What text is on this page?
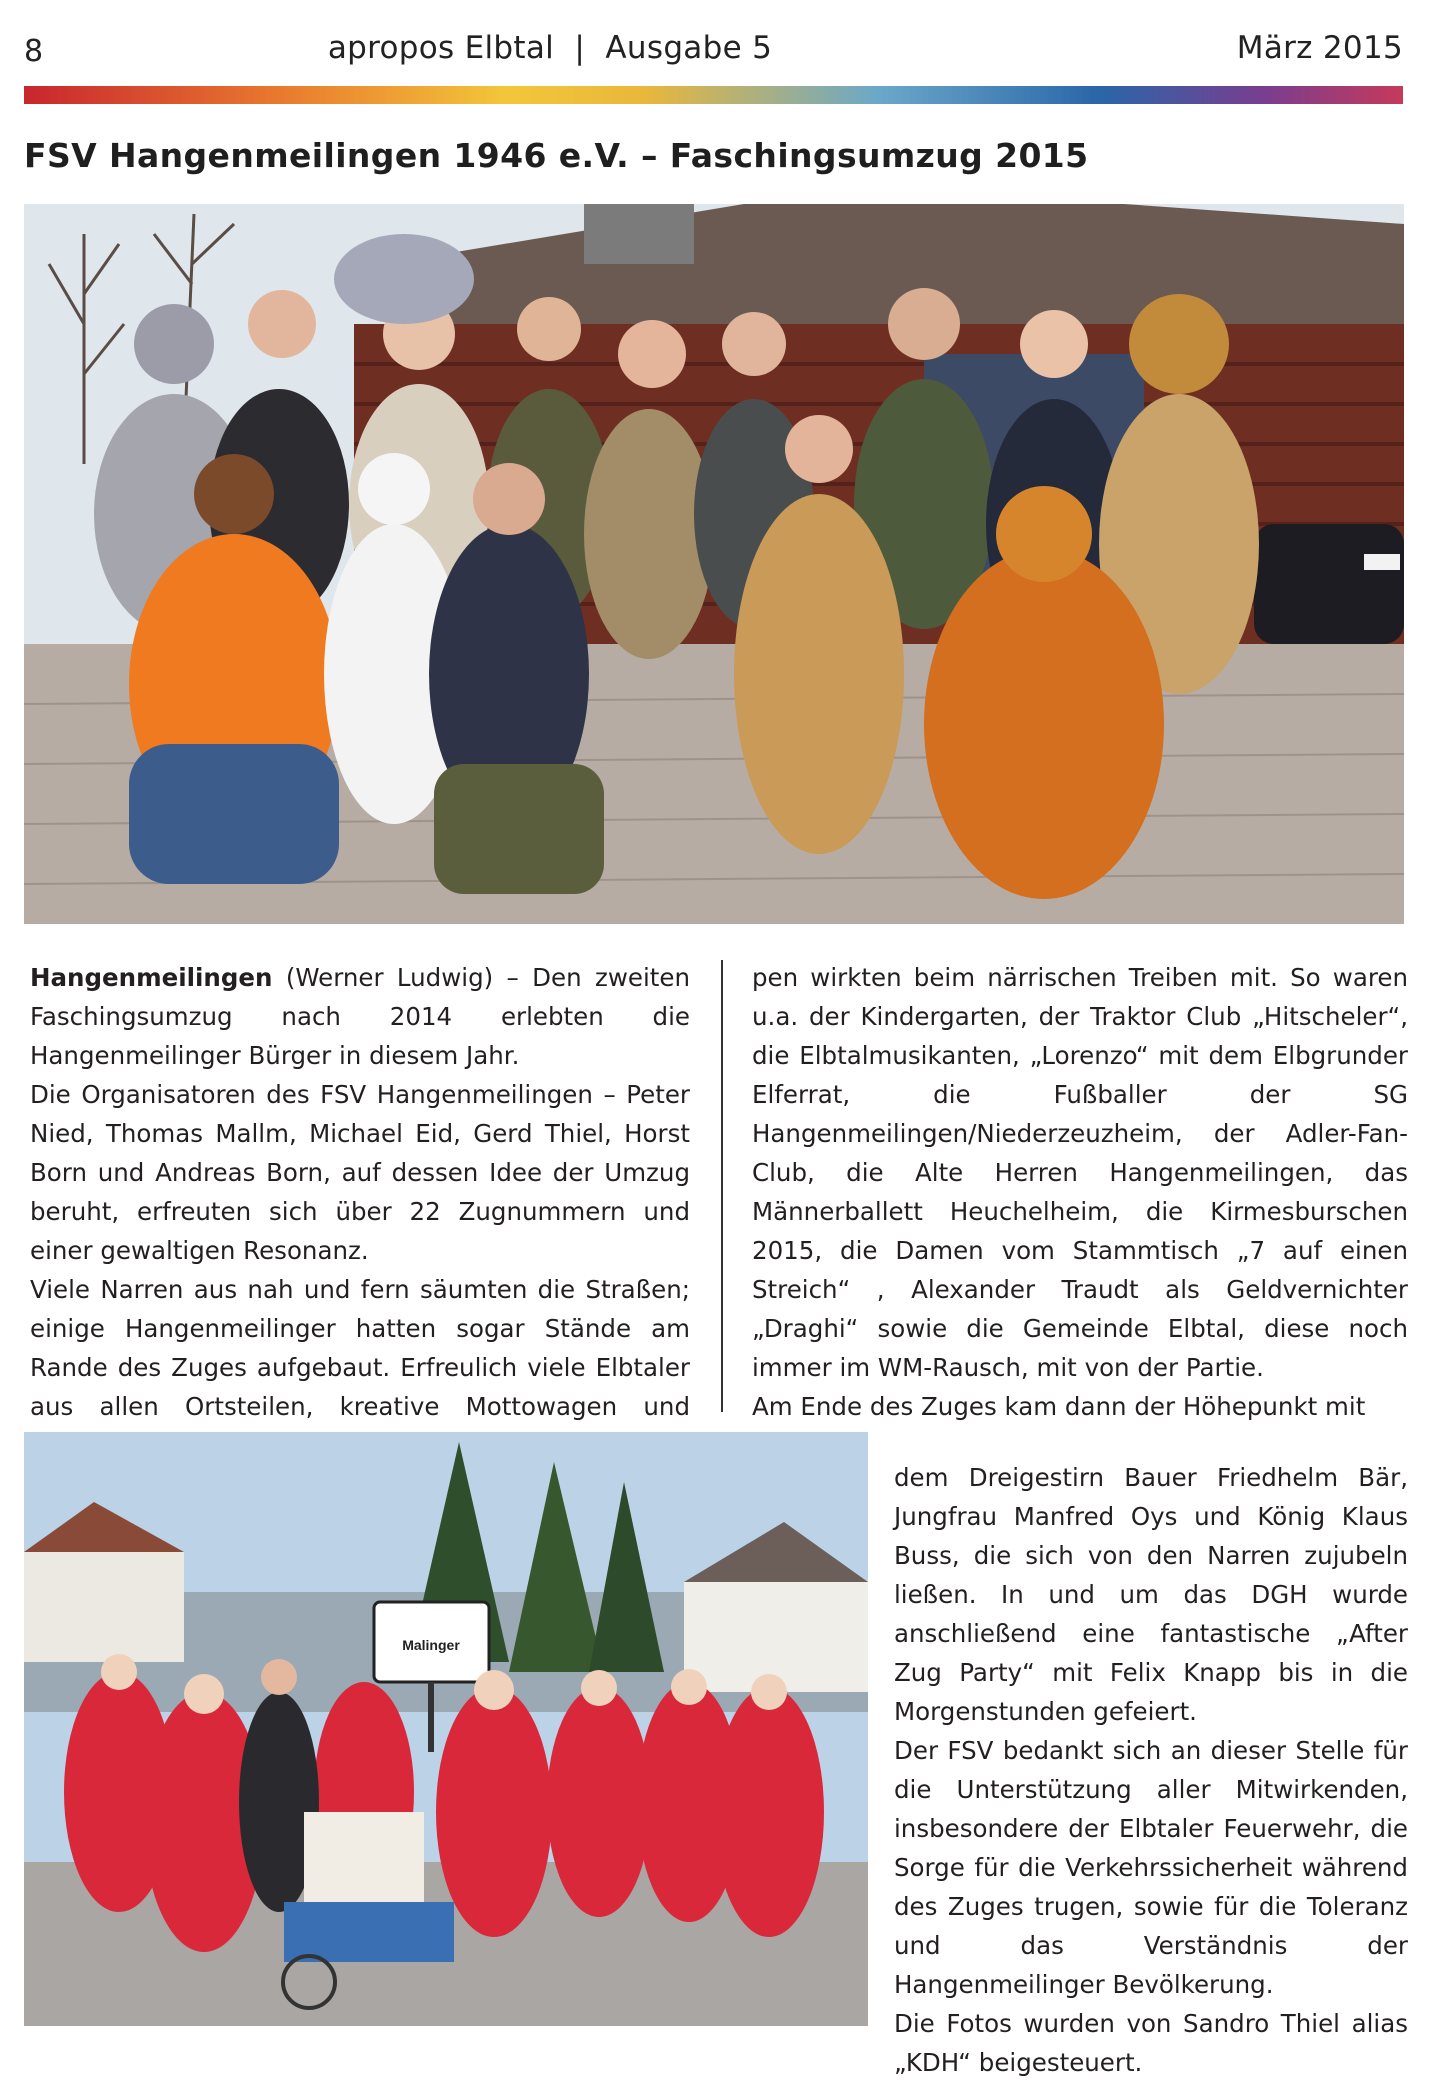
8	apropos Elbtal  |  Ausgabe 5	März 2015
FSV Hangenmeilingen 1946 e.V. – Faschingsumzug 2015

Hangenmeilingen (Werner Ludwig) – Den zweiten Faschingsumzug nach 2014 erlebten die Hangenmeilinger Bürger in diesem Jahr.

Die Organisatoren des FSV Hangenmeilingen – Peter Nied, Thomas Mallm, Michael Eid, Gerd Thiel, Horst Born und Andreas Born, auf dessen Idee der Umzug beruht, erfreuten sich über 22 Zugnummern und einer gewaltigen Resonanz.

Viele Narren aus nah und fern säumten die Straßen; einige Hangenmeilinger hatten sogar Stände am Rande des Zuges aufgebaut. Erfreulich viele Elbtaler aus allen Ortsteilen, kreative Mottowagen und

pen wirkten beim närrischen Treiben mit. So waren u.a. der Kindergarten, der Traktor Club „Hitscheler“, die Elbtalmusikanten, „Lorenzo“ mit dem Elbgrunder Elferrat, die Fußballer der SG Hangenmeilingen/Niederzeuzheim, der Adler-Fan- Club, die Alte Herren Hangenmeilingen, das Männerballett Heuchelheim, die Kirmesburschen 2015, die Damen vom Stammtisch „7 auf einen Streich“ , Alexander Traudt als Geldvernichter „Draghi“ sowie die Gemeinde Elbtal, diese noch immer im WM-Rausch, mit von der Partie.

Am Ende des Zuges kam dann der Höhepunkt mit

Malinger

dem Dreigestirn Bauer Friedhelm Bär, Jungfrau Manfred Oys und König Klaus Buss, die sich von den Narren zujubeln ließen. In und um das DGH wurde anschließend eine fantastische „After Zug Party“ mit Felix Knapp bis in die Morgenstunden gefeiert.

Der FSV bedankt sich an dieser Stelle für die Unterstützung aller Mitwirkenden, insbesondere der Elbtaler Feuerwehr, die Sorge für die Verkehrssicherheit während des Zuges trugen, sowie für die Toleranz und das Verständnis der Hangenmeilinger Bevölkerung.

Die Fotos wurden von Sandro Thiel alias „KDH“ beigesteuert.
